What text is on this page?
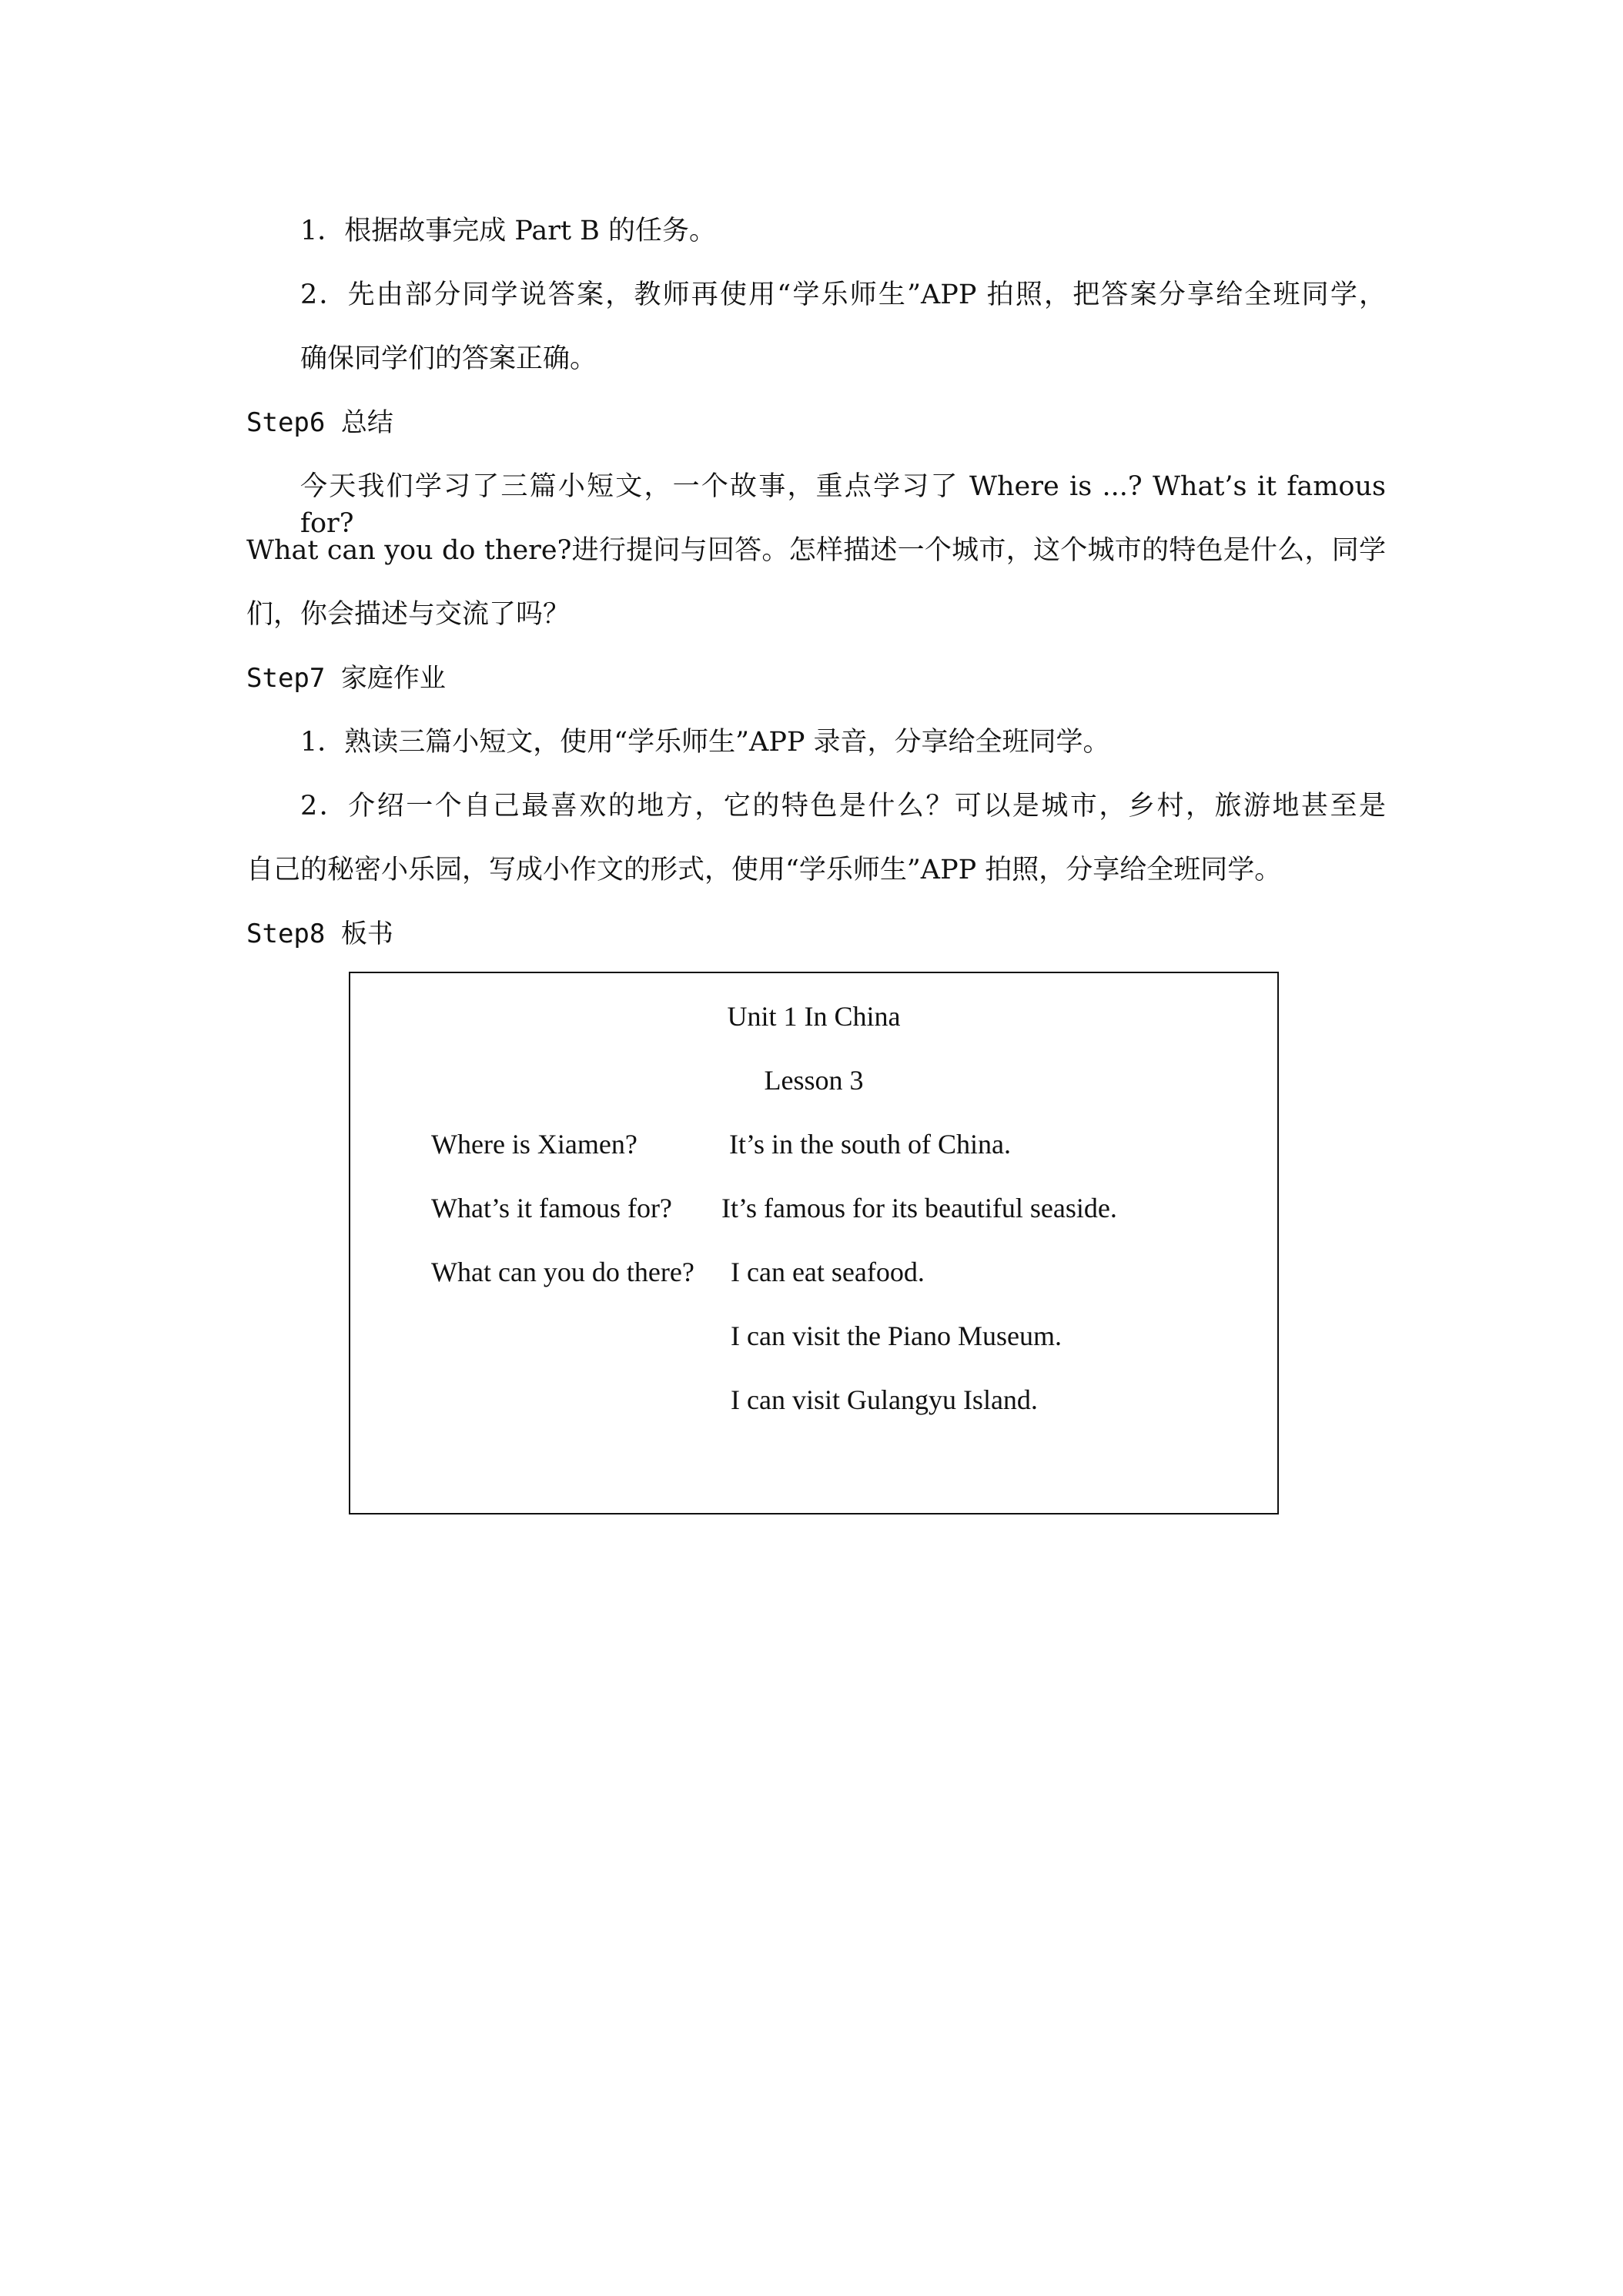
1．根据故事完成 Part B 的任务。
2．先由部分同学说答案，教师再使用“学乐师生”APP 拍照，把答案分享给全班同学，
确保同学们的答案正确。
Step6 总结
今天我们学习了三篇小短文，一个故事，重点学习了 Where is ...? What’s it famous for?
What can you do there?进行提问与回答。怎样描述一个城市，这个城市的特色是什么，同学
们，你会描述与交流了吗？
Step7 家庭作业
1．熟读三篇小短文，使用“学乐师生”APP 录音，分享给全班同学。
2．介绍一个自己最喜欢的地方，它的特色是什么？可以是城市，乡村，旅游地甚至是
自己的秘密小乐园，写成小作文的形式，使用“学乐师生”APP 拍照，分享给全班同学。
Step8 板书
Unit 1 In China
Lesson 3
Where is Xiamen?	It’s in the south of China.
What’s it famous for? It’s famous for its beautiful seaside.
What can you do there? I can eat seafood.
I can visit the Piano Museum.
I can visit Gulangyu Island.
